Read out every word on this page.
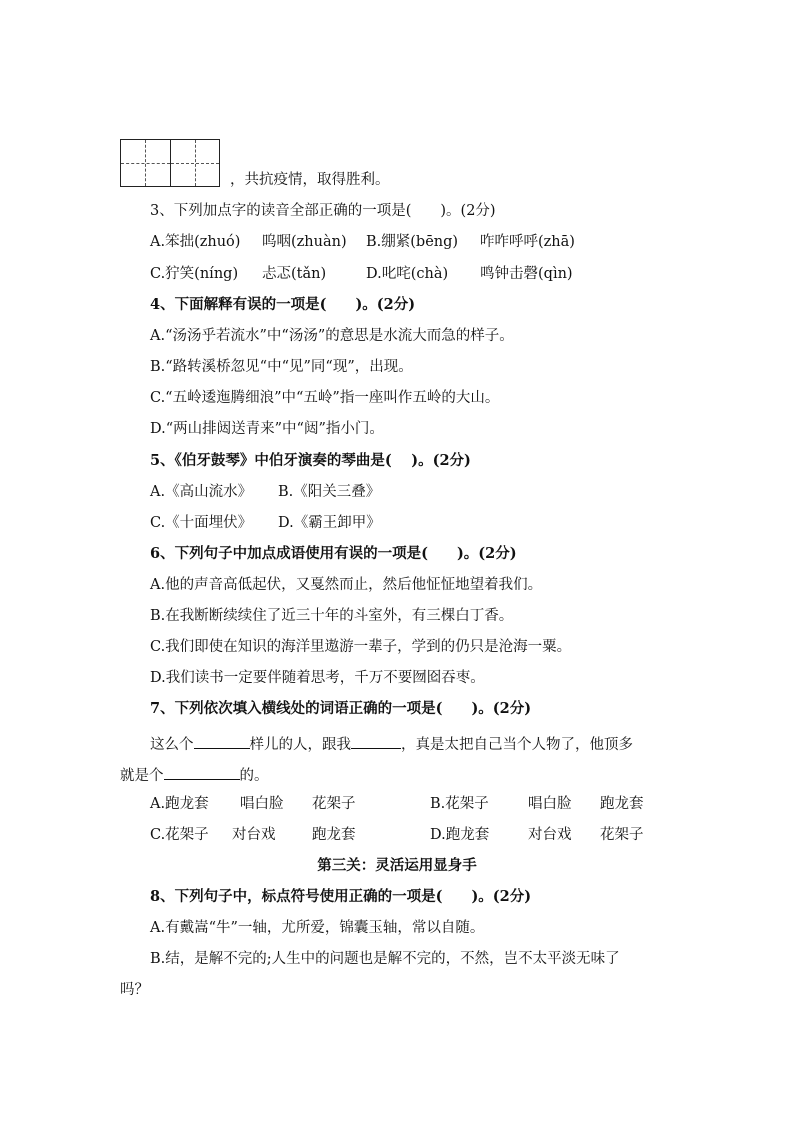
，共抗疫情，取得胜利。
3、下列加点字的读音全部正确的一项是(　　)。(2分)
A.笨拙(zhuó) 呜咽(zhuàn) B.绷紧(bēng) 咋咋呼呼(zhā)
C.狞笑(níng) 忐忑(tǎn)	D.叱咤(chà) 鸣钟击磬(qìn)
4、下面解释有误的一项是(　　)。(2分)
A.“汤汤乎若流水”中“汤汤”的意思是水流大而急的样子。
B.“路转溪桥忽见“中“见”同“现”，出现。
C.“五岭逶迤腾细浪”中“五岭”指一座叫作五岭的大山。
D.“两山排闼送青来”中“闼”指小门。
5、《伯牙鼓琴》中伯牙演奏的琴曲是(　 )。(2分)
A.《高山流水》 B.《阳关三叠》
C.《十面埋伏》 D.《霸王卸甲》
6、下列句子中加点成语使用有误的一项是(　　)。(2分)
A.他的声音高低起伏，又戛然而止，然后他怔怔地望着我们。
B.在我断断续续住了近三十年的斗室外，有三棵白丁香。
C.我们即使在知识的海洋里遨游一辈子，学到的仍只是沧海一粟。
D.我们读书一定要伴随着思考，千万不要囫囵吞枣。
7、下列依次填入横线处的词语正确的一项是(　　)。(2分)
这么个	样儿的人，跟我	，真是太把自己当个人物了，他顶多
就是个	的。
A.跑龙套 唱白脸 花架子	B.花架子	唱白脸 跑龙套
C.花架子 对台戏	跑龙套	D.跑龙套	对台戏 花架子
第三关：灵活运用显身手
8、下列句子中，标点符号使用正确的一项是(　　)。(2分)
A.有戴嵩“牛”一轴，尤所爱，锦囊玉轴，常以自随。
B.结，是解不完的;人生中的问题也是解不完的，不然，岂不太平淡无味了
吗？
